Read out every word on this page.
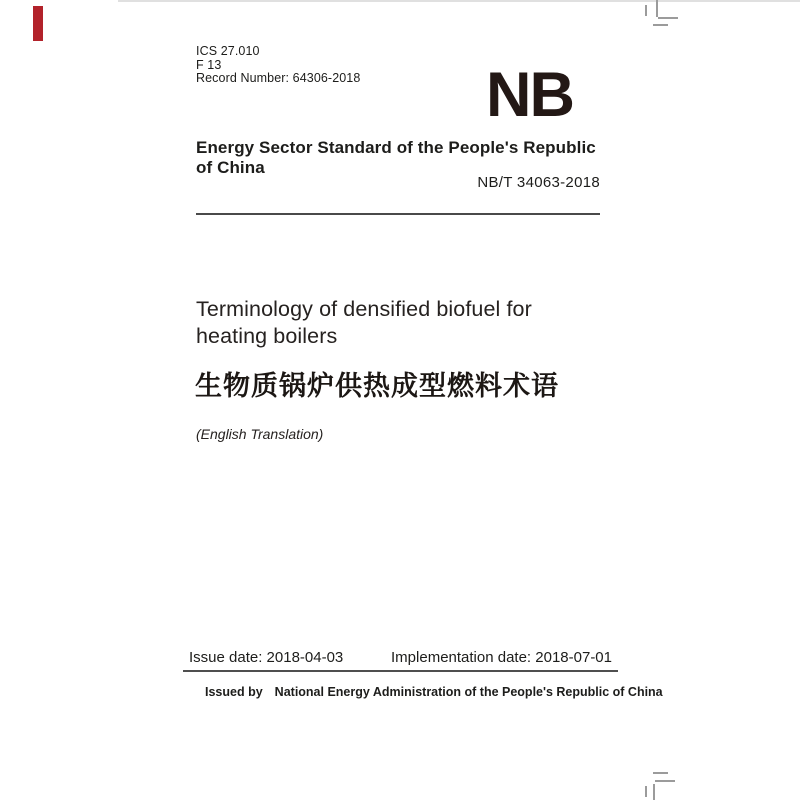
ICS 27.010
F 13
Record Number: 64306-2018 NB
Energy Sector Standard of the People's Republic of China
NB/T 34063-2018
Terminology of densified biofuel for heating boilers
生物质锅炉供热成型燃料术语
(English Translation)
Issue date: 2018-04-03	Implementation date: 2018-07-01
Issued by National Energy Administration of the People's Republic of China
